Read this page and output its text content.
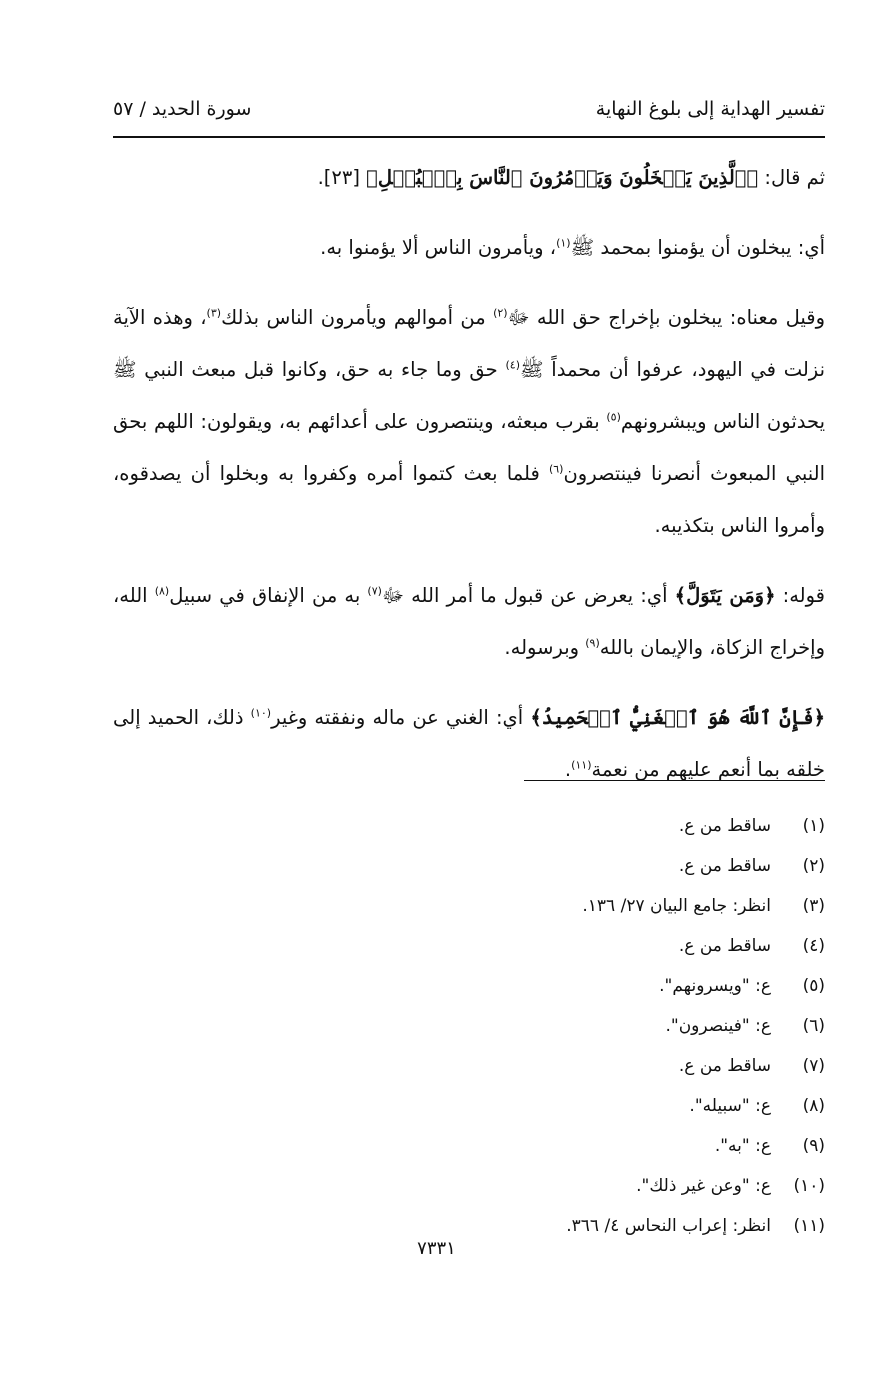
تفسير الهداية إلى بلوغ النهاية
سورة الحديد / ٥٧

ثم قال: ﴿ٱلَّذِينَ يَبۡخَلُونَ وَيَأۡمُرُونَ ٱلنَّاسَ بِٱلۡبُخۡلِ﴾ [٢٣].

أي: يبخلون أن يؤمنوا بمحمد ﷺ$^{(١)}$، ويأمرون الناس ألا يؤمنوا به.

وقيل معناه: يبخلون بإخراج حق الله ﷻ$^{(٢)}$ من أموالهم ويأمرون الناس بذلك$^{(٣)}$، وهذه الآية نزلت في اليهود، عرفوا أن محمداً ﷺ$^{(٤)}$ حق وما جاء به حق، وكانوا قبل مبعث النبي ﷺ يحدثون الناس ويبشرونهم$^{(٥)}$ بقرب مبعثه، وينتصرون على أعدائهم به، ويقولون: اللهم بحق النبي المبعوث أنصرنا فينتصرون$^{(٦)}$ فلما بعث كتموا أمره وكفروا به وبخلوا أن يصدقوه، وأمروا الناس بتكذيبه.

قوله: ﴿وَمَن يَتَوَلَّ﴾ أي: يعرض عن قبول ما أمر الله ﷻ$^{(٧)}$ به من الإنفاق في سبيل$^{(٨)}$ الله، وإخراج الزكاة، والإيمان بالله$^{(٩)}$ وبرسوله.

﴿فَإِنَّ ٱللَّهَ هُوَ ٱلۡغَنِيُّ ٱلۡحَمِيدُ﴾ أي: الغني عن ماله ونفقته وغير$^{(١٠)}$ ذلك، الحميد إلى خلقه بما أنعم عليهم من نعمة$^{(١١)}$.

(١)
ساقط من ع.
(٢)
ساقط من ع.
(٣)
انظر: جامع البيان ٢٧/ ١٣٦.
(٤)
ساقط من ع.
(٥)
ع: "ويسرونهم".
(٦)
ع: "فينصرون".
(٧)
ساقط من ع.
(٨)
ع: "سبيله".
(٩)
ع: "به".
(١٠)
ع: "وعن غير ذلك".
(١١)
انظر: إعراب النحاس ٤/ ٣٦٦.
٧٣٣١
